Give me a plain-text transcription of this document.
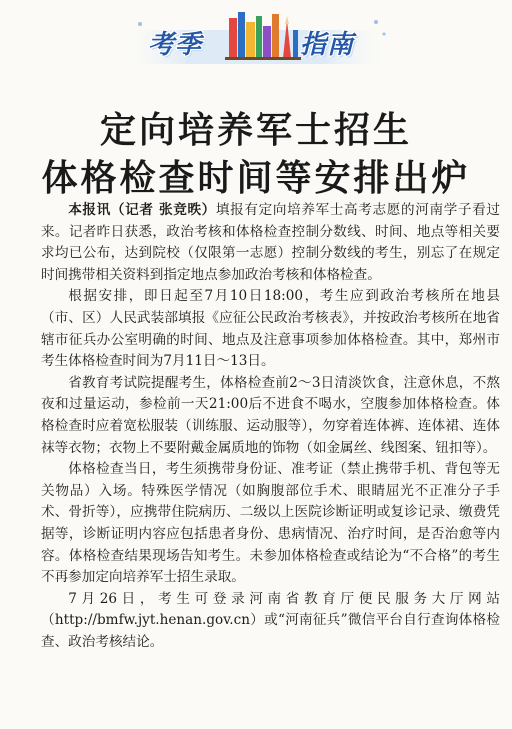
考季	指南
定向培养军士招生
体格检查时间等安排出炉

本报讯（记者 张竞昳）填报有定向培养军士高考志愿的河南学子看过来。记者昨日获悉，政治考核和体格检查控制分数线、时间、地点等相关要求均已公布，达到院校（仅限第一志愿）控制分数线的考生，别忘了在规定时间携带相关资料到指定地点参加政治考核和体格检查。

根据安排，即日起至7月10日18:00，考生应到政治考核所在地县（市、区）人民武装部填报《应征公民政治考核表》，并按政治考核所在地省辖市征兵办公室明确的时间、地点及注意事项参加体格检查。其中，郑州市考生体格检查时间为7月11日～13日。

省教育考试院提醒考生，体格检查前2～3日清淡饮食，注意休息，不熬夜和过量运动，参检前一天21:00后不进食不喝水，空腹参加体格检查。体格检查时应着宽松服装（训练服、运动服等），勿穿着连体裤、连体裙、连体袜等衣物；衣物上不要附戴金属质地的饰物（如金属丝、线图案、钮扣等）。

体格检查当日，考生须携带身份证、准考证（禁止携带手机、背包等无关物品）入场。特殊医学情况（如胸腹部位手术、眼睛屈光不正准分子手术、骨折等），应携带住院病历、二级以上医院诊断证明或复诊记录、缴费凭据等，诊断证明内容应包括患者身份、患病情况、治疗时间，是否治愈等内容。体格检查结果现场告知考生。未参加体格检查或结论为“不合格”的考生不再参加定向培养军士招生录取。

7月26日，考生可登录河南省教育厅便民服务大厅网站（http://bmfw.jyt.henan.gov.cn）或“河南征兵”微信平台自行查询体格检查、政治考核结论。
